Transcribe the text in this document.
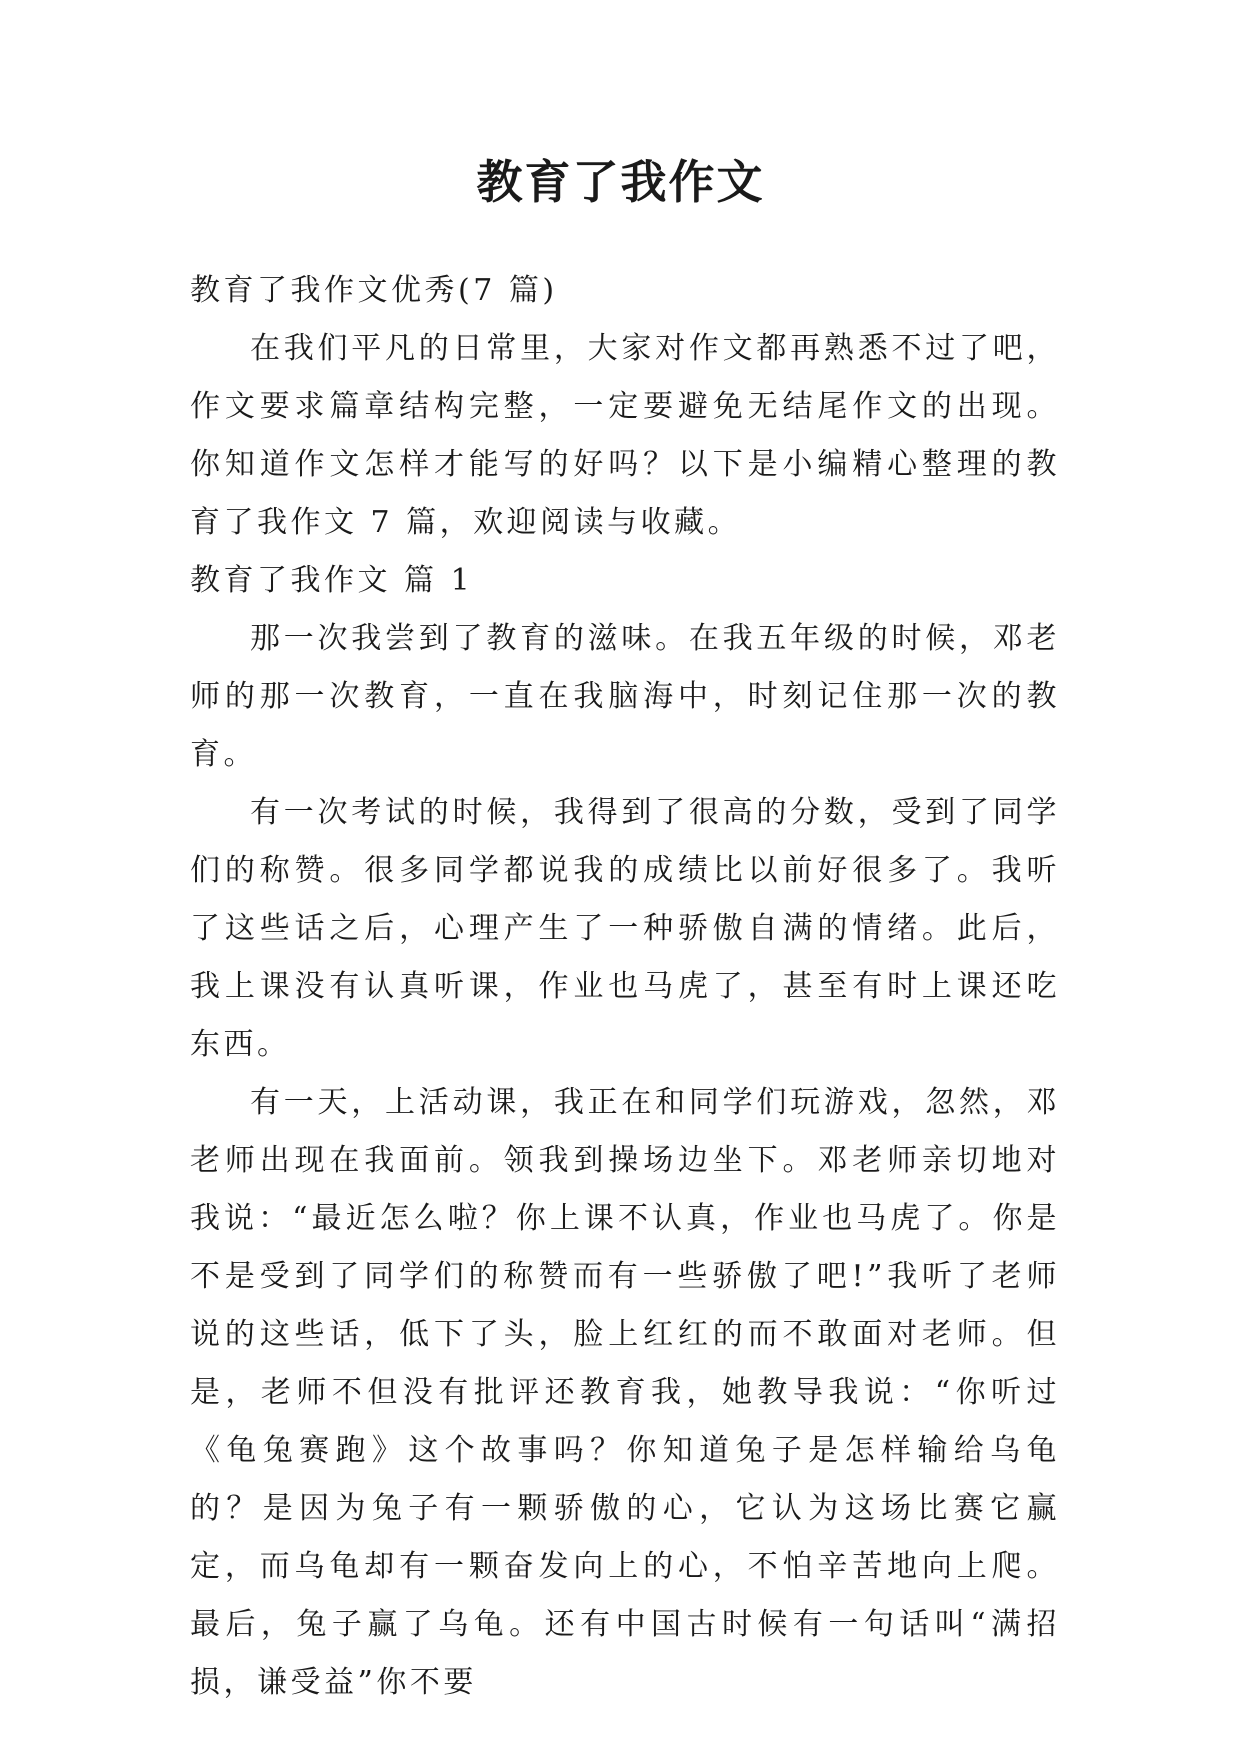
教育了我作文

教育了我作文优秀(7 篇)

在我们平凡的日常里，大家对作文都再熟悉不过了吧，作文要求篇章结构完整，一定要避免无结尾作文的出现。你知道作文怎样才能写的好吗？以下是小编精心整理的教育了我作文 7 篇，欢迎阅读与收藏。

教育了我作文 篇 1

那一次我尝到了教育的滋味。在我五年级的时候，邓老师的那一次教育，一直在我脑海中，时刻记住那一次的教育。

有一次考试的时候，我得到了很高的分数，受到了同学们的称赞。很多同学都说我的成绩比以前好很多了。我听了这些话之后，心理产生了一种骄傲自满的情绪。此后，我上课没有认真听课，作业也马虎了，甚至有时上课还吃东西。

有一天，上活动课，我正在和同学们玩游戏，忽然，邓老师出现在我面前。领我到操场边坐下。邓老师亲切地对我说：“最近怎么啦？你上课不认真，作业也马虎了。你是不是受到了同学们的称赞而有一些骄傲了吧!”我听了老师说的这些话，低下了头，脸上红红的而不敢面对老师。但是，老师不但没有批评还教育我，她教导我说：“你听过《龟兔赛跑》这个故事吗？你知道兔子是怎样输给乌龟的？是因为兔子有一颗骄傲的心，它认为这场比赛它赢定，而乌龟却有一颗奋发向上的心，不怕辛苦地向上爬。最后，兔子赢了乌龟。还有中国古时候有一句话叫“满招损，谦受益”你不要
